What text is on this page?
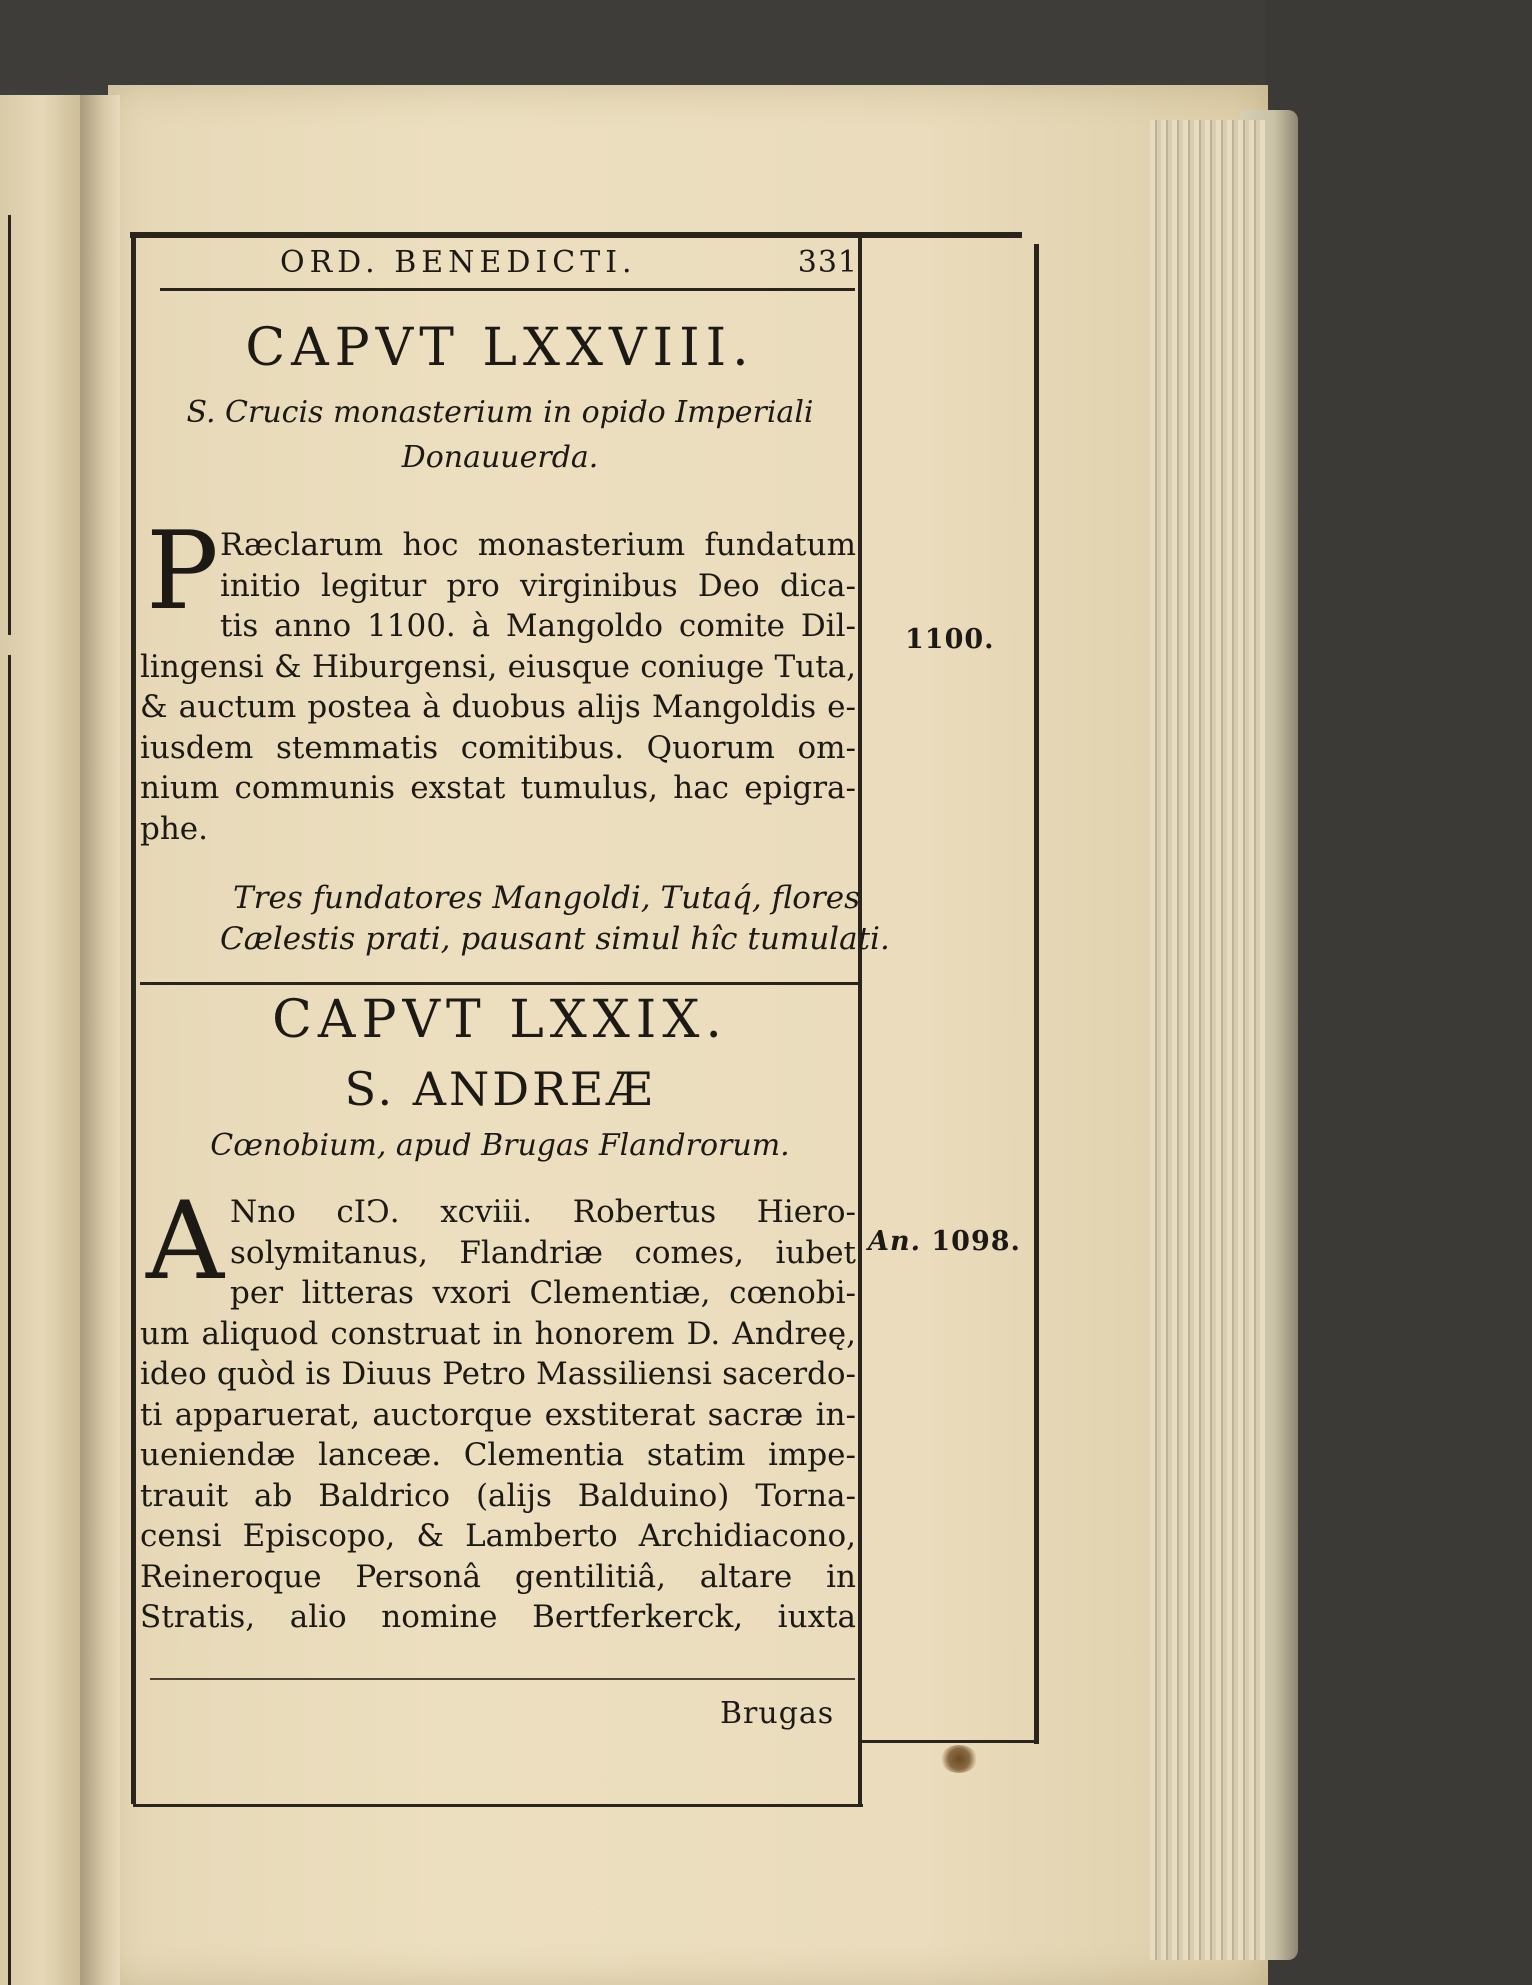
ORD. BENEDICTI.	331
CAPVT LXXVIII.
S. Crucis monasterium in opido Imperiali
Donauuerda.
P Ræclarum hoc monasterium fundatum
initio legitur pro virginibus Deo dica-
tis anno 1100. à Mangoldo comite Dil-
lingensi & Hiburgensi, eiusque coniuge Tuta,
& auctum postea à duobus alijs Mangoldis e-
iusdem stemmatis comitibus. Quorum om-
nium communis exstat tumulus, hac epigra-
phe.
Tres fundatores Mangoldi, Tutaq́, flores
Cælestis prati, pausant simul hîc tumulati.
CAPVT LXXIX.
S. ANDREÆ
Cœnobium, apud Brugas Flandrorum.
A Nno cIↃ. xcviii. Robertus Hiero-
solymitanus, Flandriæ comes, iubet
per litteras vxori Clementiæ, cœnobi-
um aliquod construat in honorem D. Andreę,
ideo quòd is Diuus Petro Massiliensi sacerdo-
ti apparuerat, auctorque exstiterat sacræ in-
ueniendæ lanceæ. Clementia statim impe-
trauit ab Baldrico (alijs Balduino) Torna-
censi Episcopo, & Lamberto Archidiacono,
Reineroque Personâ gentilitiâ, altare in
Stratis, alio nomine Bertferkerck, iuxta
Brugas
1100.
An. 1098.
